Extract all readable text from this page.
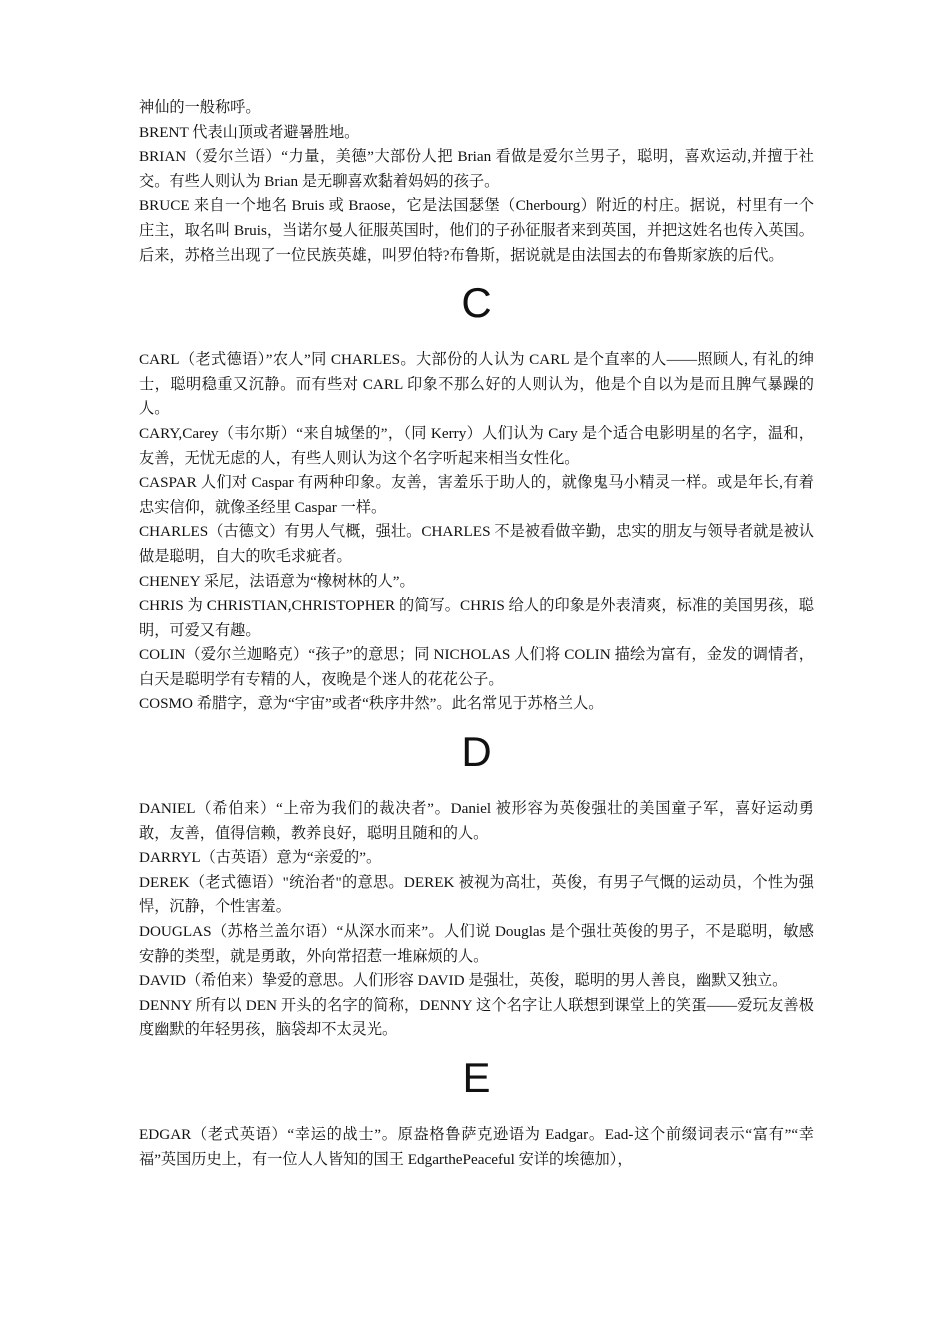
神仙的一般称呼。

BRENT 代表山顶或者避暑胜地。

BRIAN（爱尔兰语）“力量，美德”大部份人把 Brian 看做是爱尔兰男子，聪明，喜欢运动,并擅于社交。有些人则认为 Brian 是无聊喜欢黏着妈妈的孩子。

BRUCE 来自一个地名 Bruis 或 Braose，它是法国瑟堡（Cherbourg）附近的村庄。据说，村里有一个庄主，取名叫 Bruis，当诺尔曼人征服英国时，他们的子孙征服者来到英国，并把这姓名也传入英国。后来，苏格兰出现了一位民族英雄，叫罗伯特?布鲁斯，据说就是由法国去的布鲁斯家族的后代。

C

CARL（老式德语）”农人”同 CHARLES。大部份的人认为 CARL 是个直率的人——照顾人, 有礼的绅士，聪明稳重又沉静。而有些对 CARL 印象不那么好的人则认为，他是个自以为是而且脾气暴躁的人。

CARY,Carey（韦尔斯）“来自城堡的”，（同 Kerry）人们认为 Cary 是个适合电影明星的名字，温和，友善，无忧无虑的人，有些人则认为这个名字听起来相当女性化。

CASPAR 人们对 Caspar 有两种印象。友善，害羞乐于助人的，就像鬼马小精灵一样。或是年长,有着忠实信仰，就像圣经里 Caspar 一样。

CHARLES（古德文）有男人气概，强壮。CHARLES 不是被看做辛勤，忠实的朋友与领导者就是被认做是聪明，自大的吹毛求疵者。

CHENEY 采尼，法语意为“橡树林的人”。

CHRIS 为 CHRISTIAN,CHRISTOPHER 的简写。CHRIS 给人的印象是外表清爽，标准的美国男孩，聪明，可爱又有趣。

COLIN（爱尔兰迦略克）“孩子”的意思；同 NICHOLAS 人们将 COLIN 描绘为富有，金发的调情者，白天是聪明学有专精的人，夜晚是个迷人的花花公子。

COSMO 希腊字，意为“宇宙”或者“秩序井然”。此名常见于苏格兰人。

D

DANIEL（希伯来）“上帝为我们的裁决者”。Daniel 被形容为英俊强壮的美国童子军，喜好运动勇敢，友善，值得信赖，教养良好，聪明且随和的人。

DARRYL（古英语）意为“亲爱的”。

DEREK（老式德语）"统治者"的意思。DEREK 被视为高壮，英俊，有男子气慨的运动员，个性为强悍，沉静，个性害羞。

DOUGLAS（苏格兰盖尔语）“从深水而来”。人们说 Douglas 是个强壮英俊的男子，不是聪明，敏感安静的类型，就是勇敢，外向常招惹一堆麻烦的人。

DAVID（希伯来）挚爱的意思。人们形容 DAVID 是强壮，英俊，聪明的男人善良，幽默又独立。

DENNY 所有以 DEN 开头的名字的简称，DENNY 这个名字让人联想到课堂上的笑蛋——爱玩友善极度幽默的年轻男孩，脑袋却不太灵光。

E

EDGAR（老式英语）“幸运的战士”。原盎格鲁萨克逊语为 Eadgar。Ead-这个前缀词表示“富有”“幸福”英国历史上，有一位人人皆知的国王 EdgarthePeaceful 安详的埃德加），
